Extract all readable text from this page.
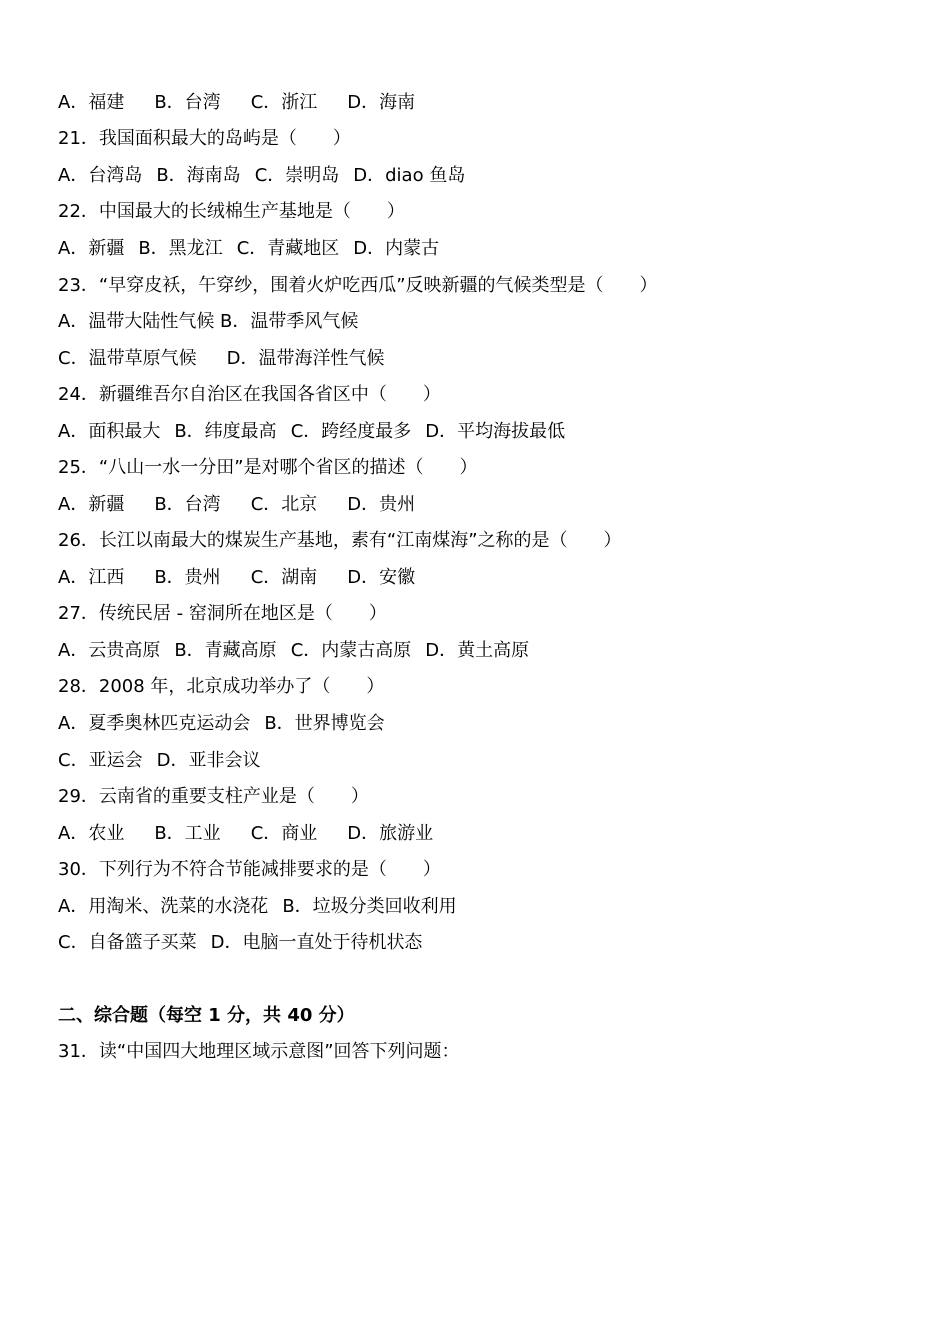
A．福建 B．台湾 C．浙江 D．海南
21．我国面积最大的岛屿是（　　）
A．台湾岛 B．海南岛 C．崇明岛 D．diao 鱼岛
22．中国最大的长绒棉生产基地是（　　）
A．新疆 B．黑龙江 C．青藏地区 D．内蒙古
23．“早穿皮袄，午穿纱，围着火炉吃西瓜”反映新疆的气候类型是（　　）
A．温带大陆性气候 B．温带季风气候
C．温带草原气候 D．温带海洋性气候
24．新疆维吾尔自治区在我国各省区中（　　）
A．面积最大 B．纬度最高 C．跨经度最多 D．平均海拔最低
25．“八山一水一分田”是对哪个省区的描述（　　）
A．新疆 B．台湾 C．北京 D．贵州
26．长江以南最大的煤炭生产基地，素有“江南煤海”之称的是（　　）
A．江西 B．贵州 C．湖南 D．安徽
27．传统民居 - 窑洞所在地区是（　　）
A．云贵高原 B．青藏高原 C．内蒙古高原 D．黄土高原
28．2008 年，北京成功举办了（　　）
A．夏季奥林匹克运动会 B．世界博览会
C．亚运会 D．亚非会议
29．云南省的重要支柱产业是（　　）
A．农业 B．工业 C．商业 D．旅游业
30．下列行为不符合节能减排要求的是（　　）
A．用淘米、洗菜的水浇花 B．垃圾分类回收利用
C．自备篮子买菜 D．电脑一直处于待机状态
二、综合题（每空 1 分，共 40 分）
31．读“中国四大地理区域示意图”回答下列问题：
